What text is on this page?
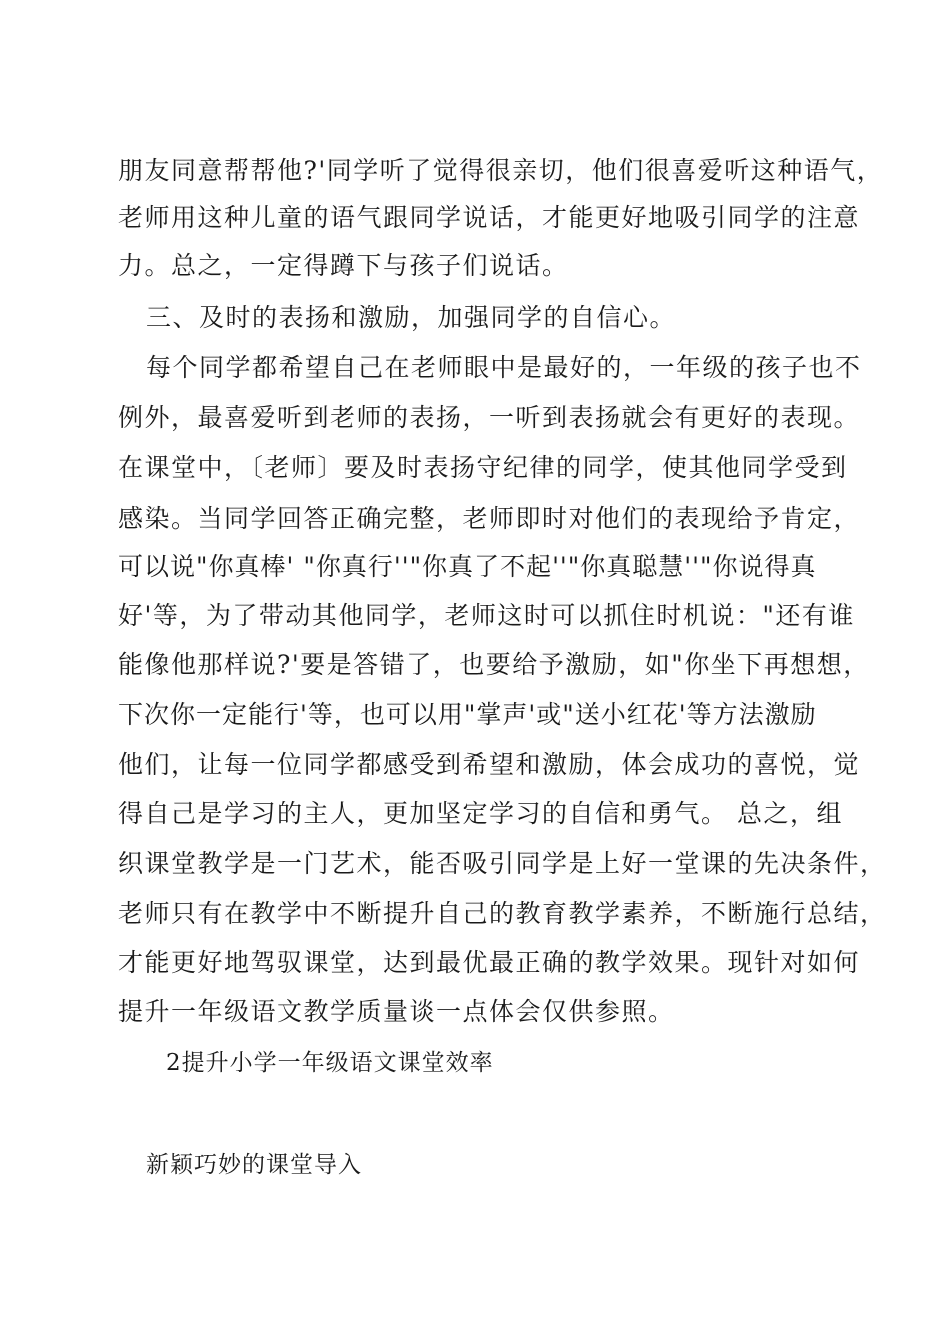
朋友同意帮帮他?'同学听了觉得很亲切，他们很喜爱听这种语气，
老师用这种儿童的语气跟同学说话，才能更好地吸引同学的注意
力。总之，一定得蹲下与孩子们说话。
三、及时的表扬和激励，加强同学的自信心。
每个同学都希望自己在老师眼中是最好的，一年级的孩子也不
例外，最喜爱听到老师的表扬，一听到表扬就会有更好的表现。
在课堂中，〔老师〕要及时表扬守纪律的同学，使其他同学受到
感染。当同学回答正确完整，老师即时对他们的表现给予肯定，
可以说"你真棒' "你真行''"你真了不起''"你真聪慧''"你说得真
好'等，为了带动其他同学，老师这时可以抓住时机说："还有谁
能像他那样说?'要是答错了，也要给予激励，如"你坐下再想想，
下次你一定能行'等，也可以用"掌声'或"送小红花'等方法激励
他们，让每一位同学都感受到希望和激励，体会成功的喜悦，觉
得自己是学习的主人，更加坚定学习的自信和勇气。 总之，组
织课堂教学是一门艺术，能否吸引同学是上好一堂课的先决条件，
老师只有在教学中不断提升自己的教育教学素养，不断施行总结，
才能更好地驾驭课堂，达到最优最正确的教学效果。现针对如何
提升一年级语文教学质量谈一点体会仅供参照。
2提升小学一年级语文课堂效率
新颖巧妙的课堂导入
